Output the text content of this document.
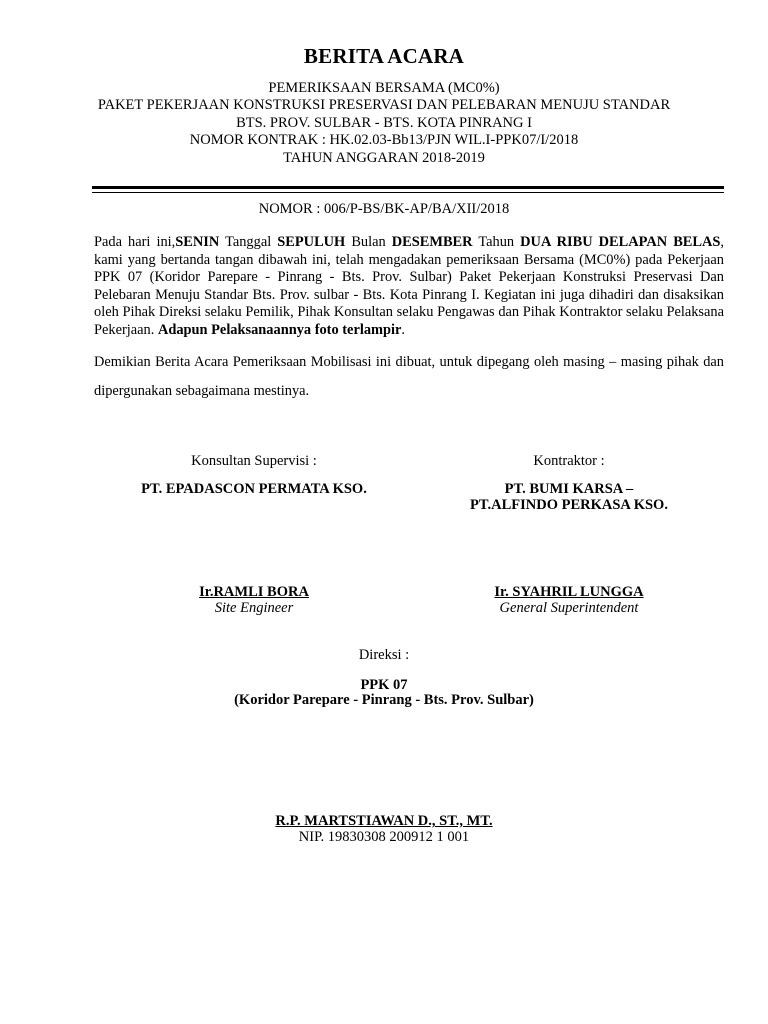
BERITA ACARA
PEMERIKSAAN BERSAMA (MC0%)
PAKET PEKERJAAN KONSTRUKSI PRESERVASI DAN PELEBARAN MENUJU STANDAR
BTS. PROV. SULBAR - BTS. KOTA PINRANG I
NOMOR KONTRAK : HK.02.03-Bb13/PJN WIL.I-PPK07/I/2018
TAHUN ANGGARAN 2018-2019
NOMOR : 006/P-BS/BK-AP/BA/XII/2018
Pada hari ini,SENIN Tanggal SEPULUH Bulan DESEMBER Tahun DUA RIBU DELAPAN BELAS, kami yang bertanda tangan dibawah ini, telah mengadakan pemeriksaan Bersama (MC0%) pada Pekerjaan PPK 07 (Koridor Parepare - Pinrang - Bts. Prov. Sulbar) Paket Pekerjaan Konstruksi Preservasi Dan Pelebaran Menuju Standar Bts. Prov. sulbar - Bts. Kota Pinrang I. Kegiatan ini juga dihadiri dan disaksikan oleh Pihak Direksi selaku Pemilik, Pihak Konsultan selaku Pengawas dan Pihak Kontraktor selaku Pelaksana Pekerjaan. Adapun Pelaksanaannya foto terlampir.
Demikian Berita Acara Pemeriksaan Mobilisasi ini dibuat, untuk dipegang oleh masing – masing pihak dan dipergunakan sebagaimana mestinya.
Konsultan Supervisi :
PT. EPADASCON PERMATA KSO.
Ir.RAMLI BORA
Site Engineer
Kontraktor :
PT. BUMI KARSA –
PT.ALFINDO PERKASA KSO.
Ir. SYAHRIL LUNGGA
General Superintendent
Direksi :
PPK 07
(Koridor Parepare - Pinrang - Bts. Prov. Sulbar)
R.P. MARTSTIAWAN D., ST., MT.
NIP. 19830308 200912 1 001
